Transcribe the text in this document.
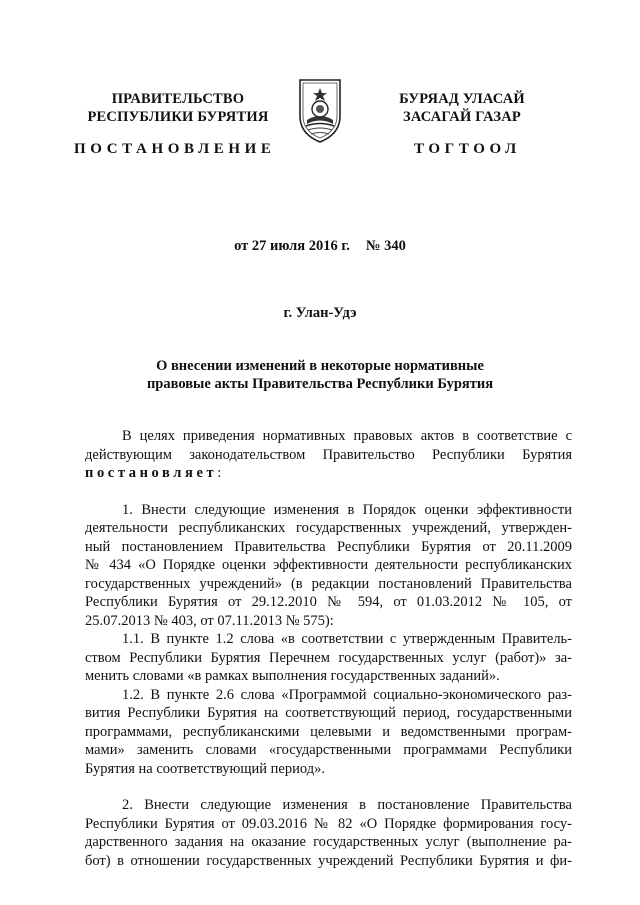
ПРАВИТЕЛЬСТВО
РЕСПУБЛИКИ БУРЯТИЯ
БУРЯАД УЛАСАЙ
ЗАСАГАЙ ГАЗАР
ПОСТАНОВЛЕНИЕ	ТОГТООЛ
от 27 июля 2016 г. № 340
г. Улан-Удэ
О внесении изменений в некоторые нормативные
правовые акты Правительства Республики Бурятия
В целях приведения нормативных правовых актов в соответствие с
действующим законодательством Правительство Республики Бурятия
постановляет:
1. Внести следующие изменения в Порядок оценки эффективности
деятельности республиканских государственных учреждений, утвержден-
ный постановлением Правительства Республики Бурятия от 20.11.2009
№ 434 «О Порядке оценки эффективности деятельности республиканских
государственных учреждений» (в редакции постановлений Правительства
Республики Бурятия от 29.12.2010 № 594, от 01.03.2012 № 105, от
25.07.2013 № 403, от 07.11.2013 № 575):
1.1. В пункте 1.2 слова «в соответствии с утвержденным Правитель-
ством Республики Бурятия Перечнем государственных услуг (работ)» за-
менить словами «в рамках выполнения государственных заданий».
1.2. В пункте 2.6 слова «Программой социально-экономического раз-
вития Республики Бурятия на соответствующий период, государственными
программами, республиканскими целевыми и ведомственными програм-
мами» заменить словами «государственными программами Республики
Бурятия на соответствующий период».
2. Внести следующие изменения в постановление Правительства
Республики Бурятия от 09.03.2016 № 82 «О Порядке формирования госу-
дарственного задания на оказание государственных услуг (выполнение ра-
бот) в отношении государственных учреждений Республики Бурятия и фи-
